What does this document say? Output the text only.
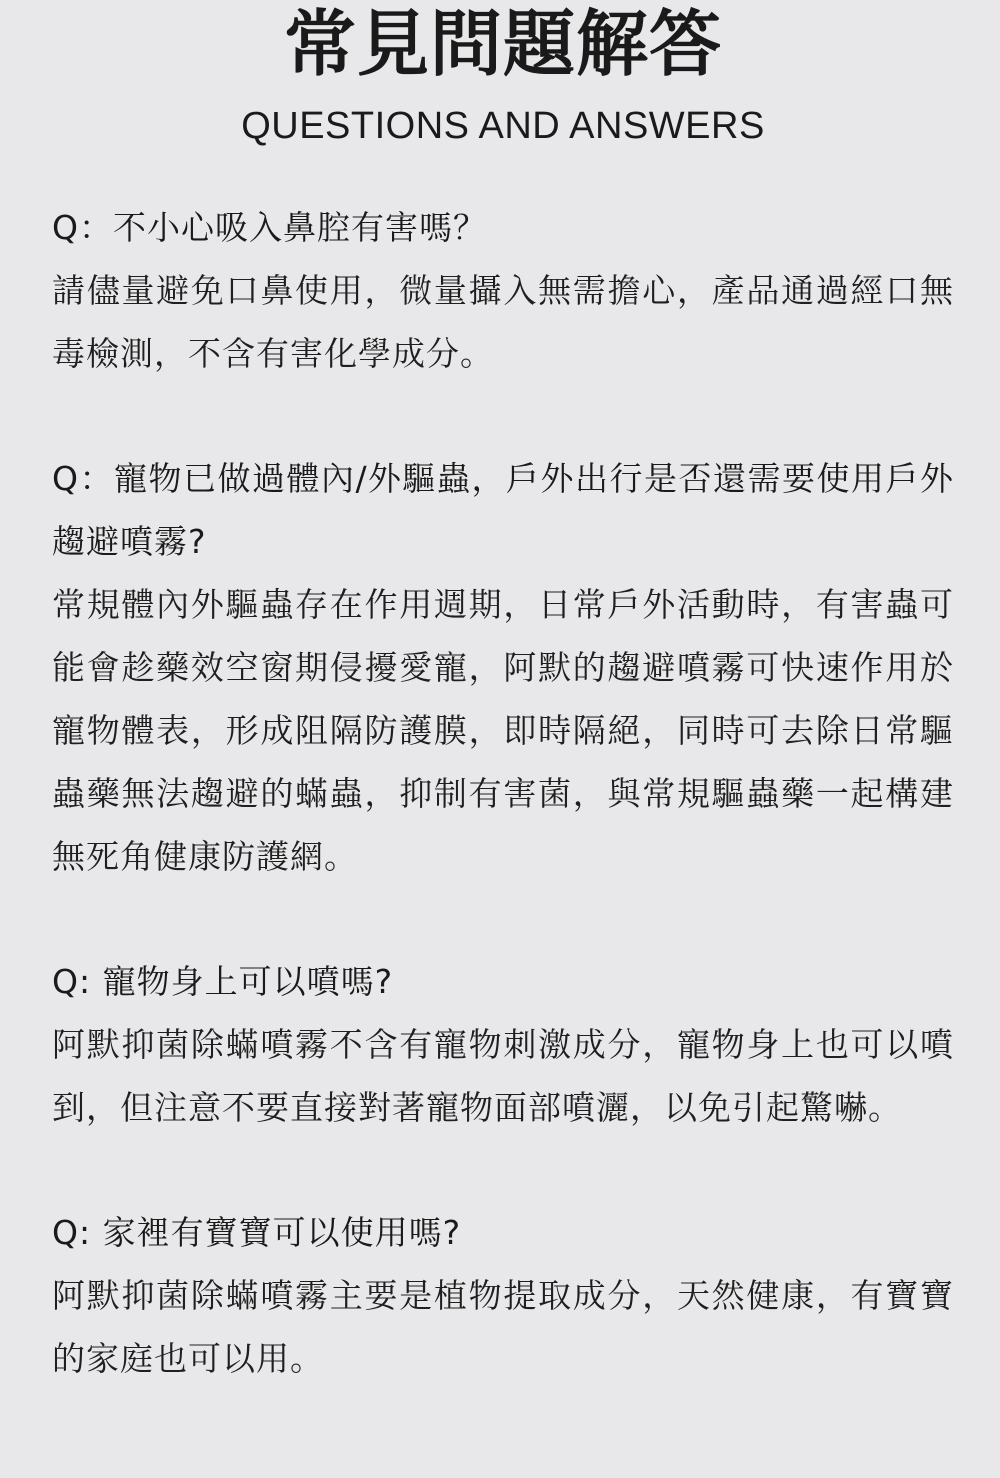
常見問題解答
QUESTIONS AND ANSWERS

Q：不小心吸入鼻腔有害嗎？

請儘量避免口鼻使用，微量攝入無需擔心，產品通過經口無毒檢測，不含有害化學成分。

Q：寵物已做過體內/外驅蟲，戶外出行是否還需要使用戶外趨避噴霧?

常規體內外驅蟲存在作用週期，日常戶外活動時，有害蟲可能會趁藥效空窗期侵擾愛寵，阿默的趨避噴霧可快速作用於寵物體表，形成阻隔防護膜，即時隔絕，同時可去除日常驅蟲藥無法趨避的蟎蟲，抑制有害菌，與常規驅蟲藥一起構建無死角健康防護網。

Q: 寵物身上可以噴嗎?

阿默抑菌除蟎噴霧不含有寵物刺激成分，寵物身上也可以噴到，但注意不要直接對著寵物面部噴灑，以免引起驚嚇。

Q: 家裡有寶寶可以使用嗎?

阿默抑菌除蟎噴霧主要是植物提取成分，天然健康，有寶寶的家庭也可以用。
